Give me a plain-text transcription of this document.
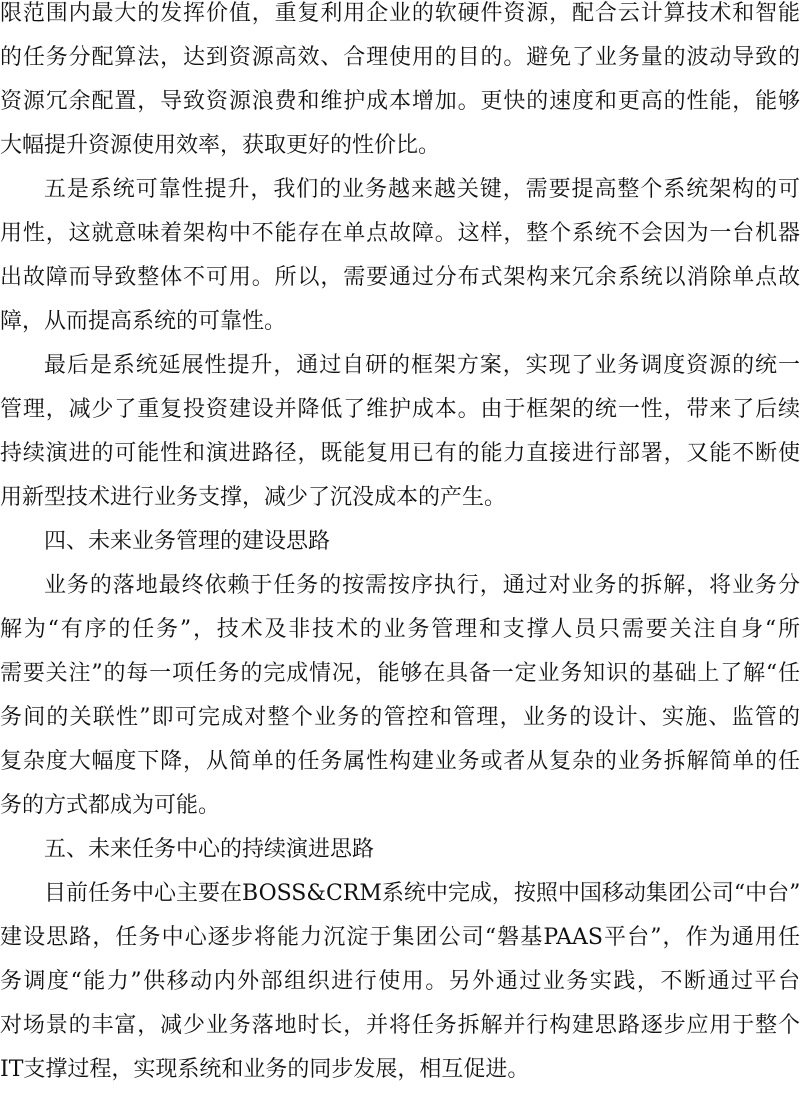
限范围内最大的发挥价值，重复利用企业的软硬件资源，配合云计算技术和智能
的任务分配算法，达到资源高效、合理使用的目的。避免了业务量的波动导致的
资源冗余配置，导致资源浪费和维护成本增加。更快的速度和更高的性能，能够
大幅提升资源使用效率，获取更好的性价比。
五是系统可靠性提升，我们的业务越来越关键，需要提高整个系统架构的可
用性，这就意味着架构中不能存在单点故障。这样，整个系统不会因为一台机器
出故障而导致整体不可用。所以，需要通过分布式架构来冗余系统以消除单点故
障，从而提高系统的可靠性。
最后是系统延展性提升，通过自研的框架方案，实现了业务调度资源的统一
管理，减少了重复投资建设并降低了维护成本。由于框架的统一性，带来了后续
持续演进的可能性和演进路径，既能复用已有的能力直接进行部署，又能不断使
用新型技术进行业务支撑，减少了沉没成本的产生。
四、未来业务管理的建设思路
业务的落地最终依赖于任务的按需按序执行，通过对业务的拆解，将业务分
解为“有序的任务”，技术及非技术的业务管理和支撑人员只需要关注自身“所
需要关注”的每一项任务的完成情况，能够在具备一定业务知识的基础上了解“任
务间的关联性”即可完成对整个业务的管控和管理，业务的设计、实施、监管的
复杂度大幅度下降，从简单的任务属性构建业务或者从复杂的业务拆解简单的任
务的方式都成为可能。
五、未来任务中心的持续演进思路
目前任务中心主要在BOSS&CRM系统中完成，按照中国移动集团公司“中台”
建设思路，任务中心逐步将能力沉淀于集团公司“磐基PAAS平台”，作为通用任
务调度“能力”供移动内外部组织进行使用。另外通过业务实践，不断通过平台
对场景的丰富，减少业务落地时长，并将任务拆解并行构建思路逐步应用于整个
IT支撑过程，实现系统和业务的同步发展，相互促进。
